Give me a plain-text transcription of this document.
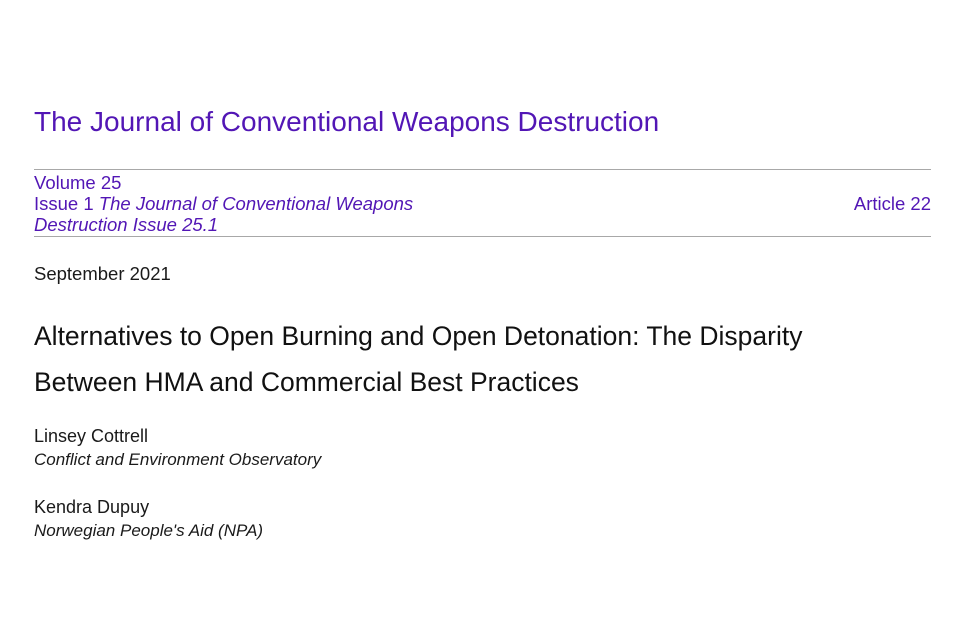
The Journal of Conventional Weapons Destruction
Volume 25
Issue 1 The Journal of Conventional Weapons Destruction Issue 25.1
Article 22
September 2021
Alternatives to Open Burning and Open Detonation: The Disparity
Between HMA and Commercial Best Practices
Linsey Cottrell
Conflict and Environment Observatory
Kendra Dupuy
Norwegian People's Aid (NPA)
